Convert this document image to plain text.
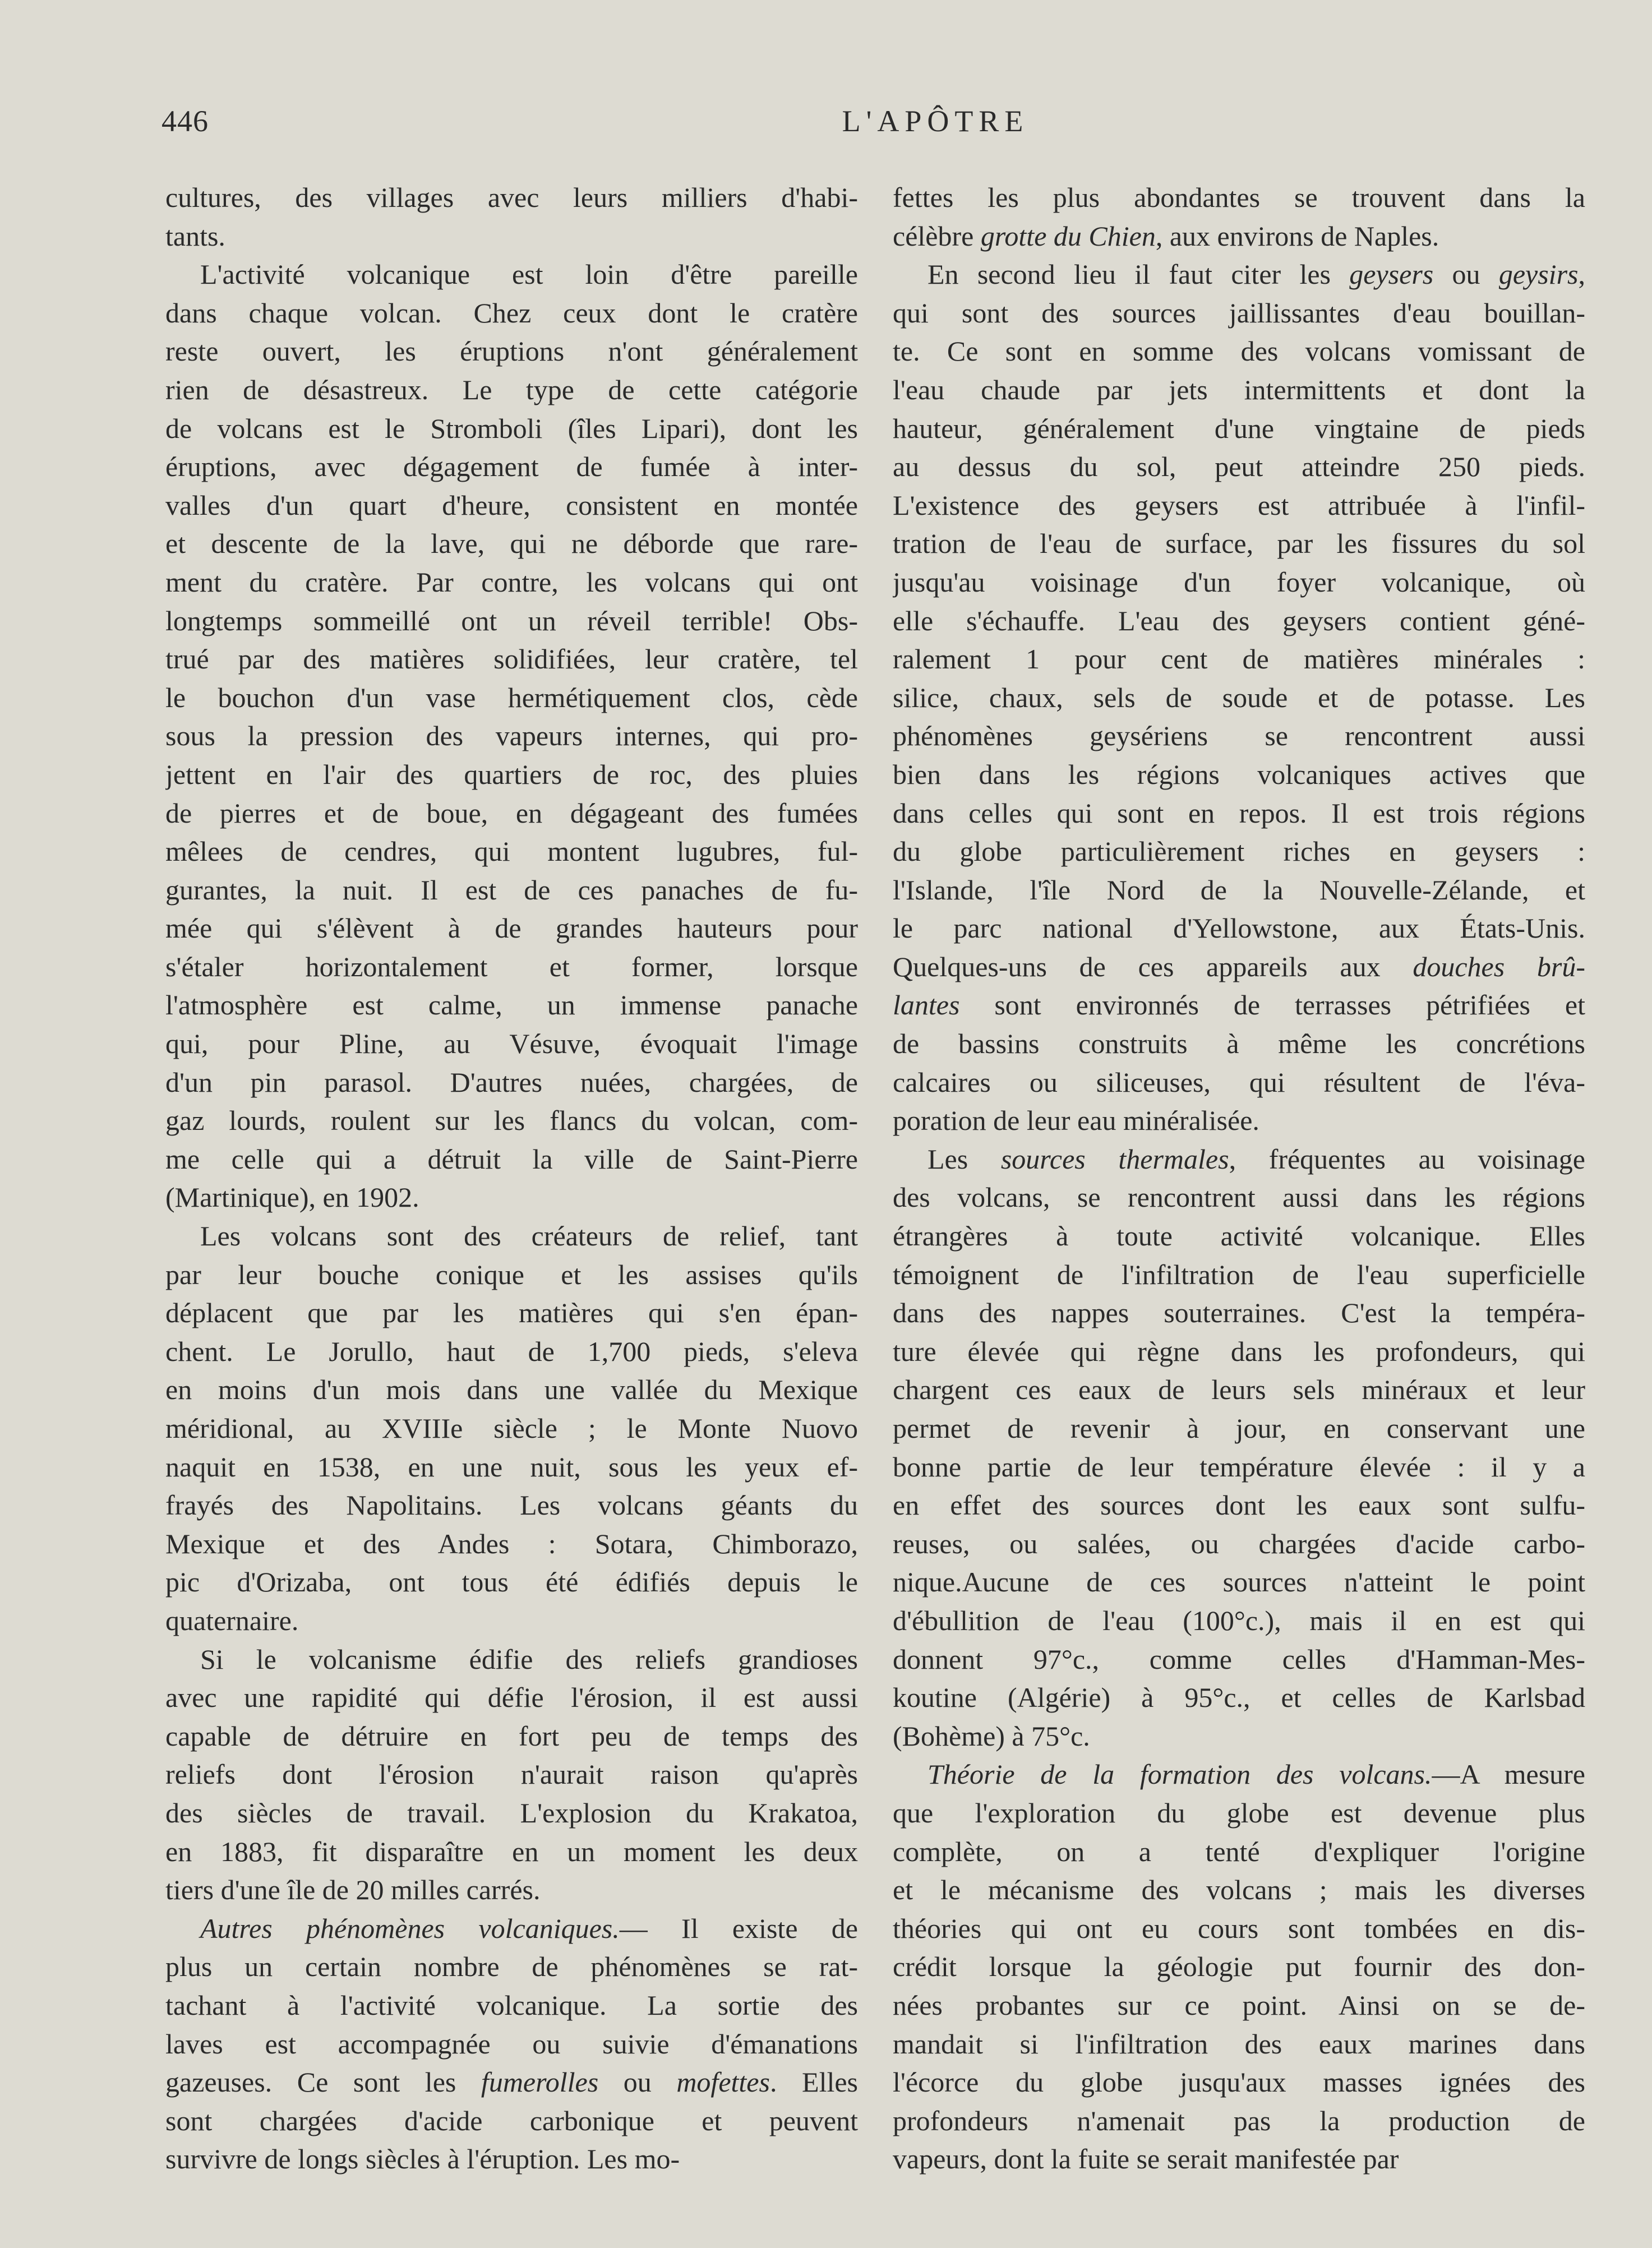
446	L'APÔTRE

cultures, des villages avec leurs milliers d'habi-
tants.

L'activité volcanique est loin d'être pareille
dans chaque volcan. Chez ceux dont le cratère
reste ouvert, les éruptions n'ont généralement
rien de désastreux. Le type de cette catégorie
de volcans est le Stromboli (îles Lipari), dont les
éruptions, avec dégagement de fumée à inter-
valles d'un quart d'heure, consistent en montée
et descente de la lave, qui ne déborde que rare-
ment du cratère. Par contre, les volcans qui ont
longtemps sommeillé ont un réveil terrible! Obs-
trué par des matières solidifiées, leur cratère, tel
le bouchon d'un vase hermétiquement clos, cède
sous la pression des vapeurs internes, qui pro-
jettent en l'air des quartiers de roc, des pluies
de pierres et de boue, en dégageant des fumées
mêlees de cendres, qui montent lugubres, ful-
gurantes, la nuit. Il est de ces panaches de fu-
mée qui s'élèvent à de grandes hauteurs pour
s'étaler horizontalement et former, lorsque
l'atmosphère est calme, un immense panache
qui, pour Pline, au Vésuve, évoquait l'image
d'un pin parasol. D'autres nuées, chargées, de
gaz lourds, roulent sur les flancs du volcan, com-
me celle qui a détruit la ville de Saint-Pierre
(Martinique), en 1902.

Les volcans sont des créateurs de relief, tant
par leur bouche conique et les assises qu'ils
déplacent que par les matières qui s'en épan-
chent. Le Jorullo, haut de 1,700 pieds, s'eleva
en moins d'un mois dans une vallée du Mexique
méridional, au XVIIIe siècle ; le Monte Nuovo
naquit en 1538, en une nuit, sous les yeux ef-
frayés des Napolitains. Les volcans géants du
Mexique et des Andes : Sotara, Chimborazo,
pic d'Orizaba, ont tous été édifiés depuis le
quaternaire.

Si le volcanisme édifie des reliefs grandioses
avec une rapidité qui défie l'érosion, il est aussi
capable de détruire en fort peu de temps des
reliefs dont l'érosion n'aurait raison qu'après
des siècles de travail. L'explosion du Krakatoa,
en 1883, fit disparaître en un moment les deux
tiers d'une île de 20 milles carrés.

Autres phénomènes volcaniques.— Il existe de
plus un certain nombre de phénomènes se rat-
tachant à l'activité volcanique. La sortie des
laves est accompagnée ou suivie d'émanations
gazeuses. Ce sont les fumerolles ou mofettes. Elles
sont chargées d'acide carbonique et peuvent
survivre de longs siècles à l'éruption. Les mo-

fettes les plus abondantes se trouvent dans la
célèbre grotte du Chien, aux environs de Naples.

En second lieu il faut citer les geysers ou geysirs,
qui sont des sources jaillissantes d'eau bouillan-
te. Ce sont en somme des volcans vomissant de
l'eau chaude par jets intermittents et dont la
hauteur, généralement d'une vingtaine de pieds
au dessus du sol, peut atteindre 250 pieds.
L'existence des geysers est attribuée à l'infil-
tration de l'eau de surface, par les fissures du sol
jusqu'au voisinage d'un foyer volcanique, où
elle s'échauffe. L'eau des geysers contient géné-
ralement 1 pour cent de matières minérales :
silice, chaux, sels de soude et de potasse. Les
phénomènes geysériens se rencontrent aussi
bien dans les régions volcaniques actives que
dans celles qui sont en repos. Il est trois régions
du globe particulièrement riches en geysers :
l'Islande, l'île Nord de la Nouvelle-Zélande, et
le parc national d'Yellowstone, aux États-Unis.
Quelques-uns de ces appareils aux douches brû-
lantes sont environnés de terrasses pétrifiées et
de bassins construits à même les concrétions
calcaires ou siliceuses, qui résultent de l'éva-
poration de leur eau minéralisée.

Les sources thermales, fréquentes au voisinage
des volcans, se rencontrent aussi dans les régions
étrangères à toute activité volcanique. Elles
témoignent de l'infiltration de l'eau superficielle
dans des nappes souterraines. C'est la tempéra-
ture élevée qui règne dans les profondeurs, qui
chargent ces eaux de leurs sels minéraux et leur
permet de revenir à jour, en conservant une
bonne partie de leur température élevée : il y a
en effet des sources dont les eaux sont sulfu-
reuses, ou salées, ou chargées d'acide carbo-
nique.Aucune de ces sources n'atteint le point
d'ébullition de l'eau (100°c.), mais il en est qui
donnent 97°c., comme celles d'Hamman-Mes-
koutine (Algérie) à 95°c., et celles de Karlsbad
(Bohème) à 75°c.

Théorie de la formation des volcans.—A mesure
que l'exploration du globe est devenue plus
complète, on a tenté d'expliquer l'origine
et le mécanisme des volcans ; mais les diverses
théories qui ont eu cours sont tombées en dis-
crédit lorsque la géologie put fournir des don-
nées probantes sur ce point. Ainsi on se de-
mandait si l'infiltration des eaux marines dans
l'écorce du globe jusqu'aux masses ignées des
profondeurs n'amenait pas la production de
vapeurs, dont la fuite se serait manifestée par
